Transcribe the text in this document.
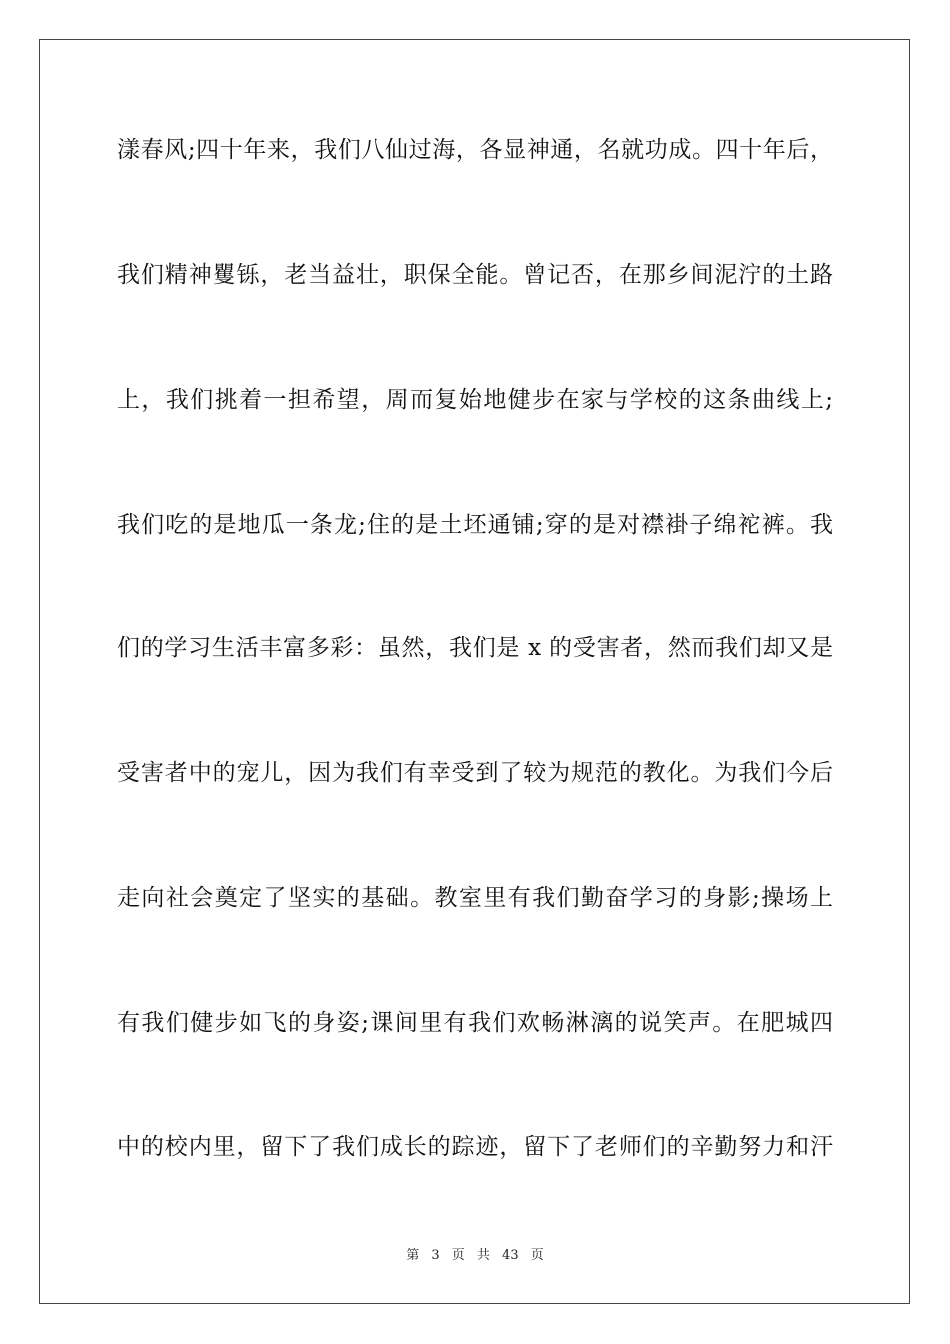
漾春风;四十年来，我们八仙过海，各显神通，名就功成。四十年后，
我们精神矍铄，老当益壮，职保全能。曾记否，在那乡间泥泞的土路
上，我们挑着一担希望，周而复始地健步在家与学校的这条曲线上;
我们吃的是地瓜一条龙;住的是土坯通铺;穿的是对襟褂子绵袉裤。我
们的学习生活丰富多彩：虽然，我们是 x 的受害者，然而我们却又是
受害者中的宠儿，因为我们有幸受到了较为规范的教化。为我们今后
走向社会奠定了坚实的基础。教室里有我们勤奋学习的身影;操场上
有我们健步如飞的身姿;课间里有我们欢畅淋漓的说笑声。在肥城四
中的校内里，留下了我们成长的踪迹，留下了老师们的辛勤努力和汗
第 3 页 共 43 页
